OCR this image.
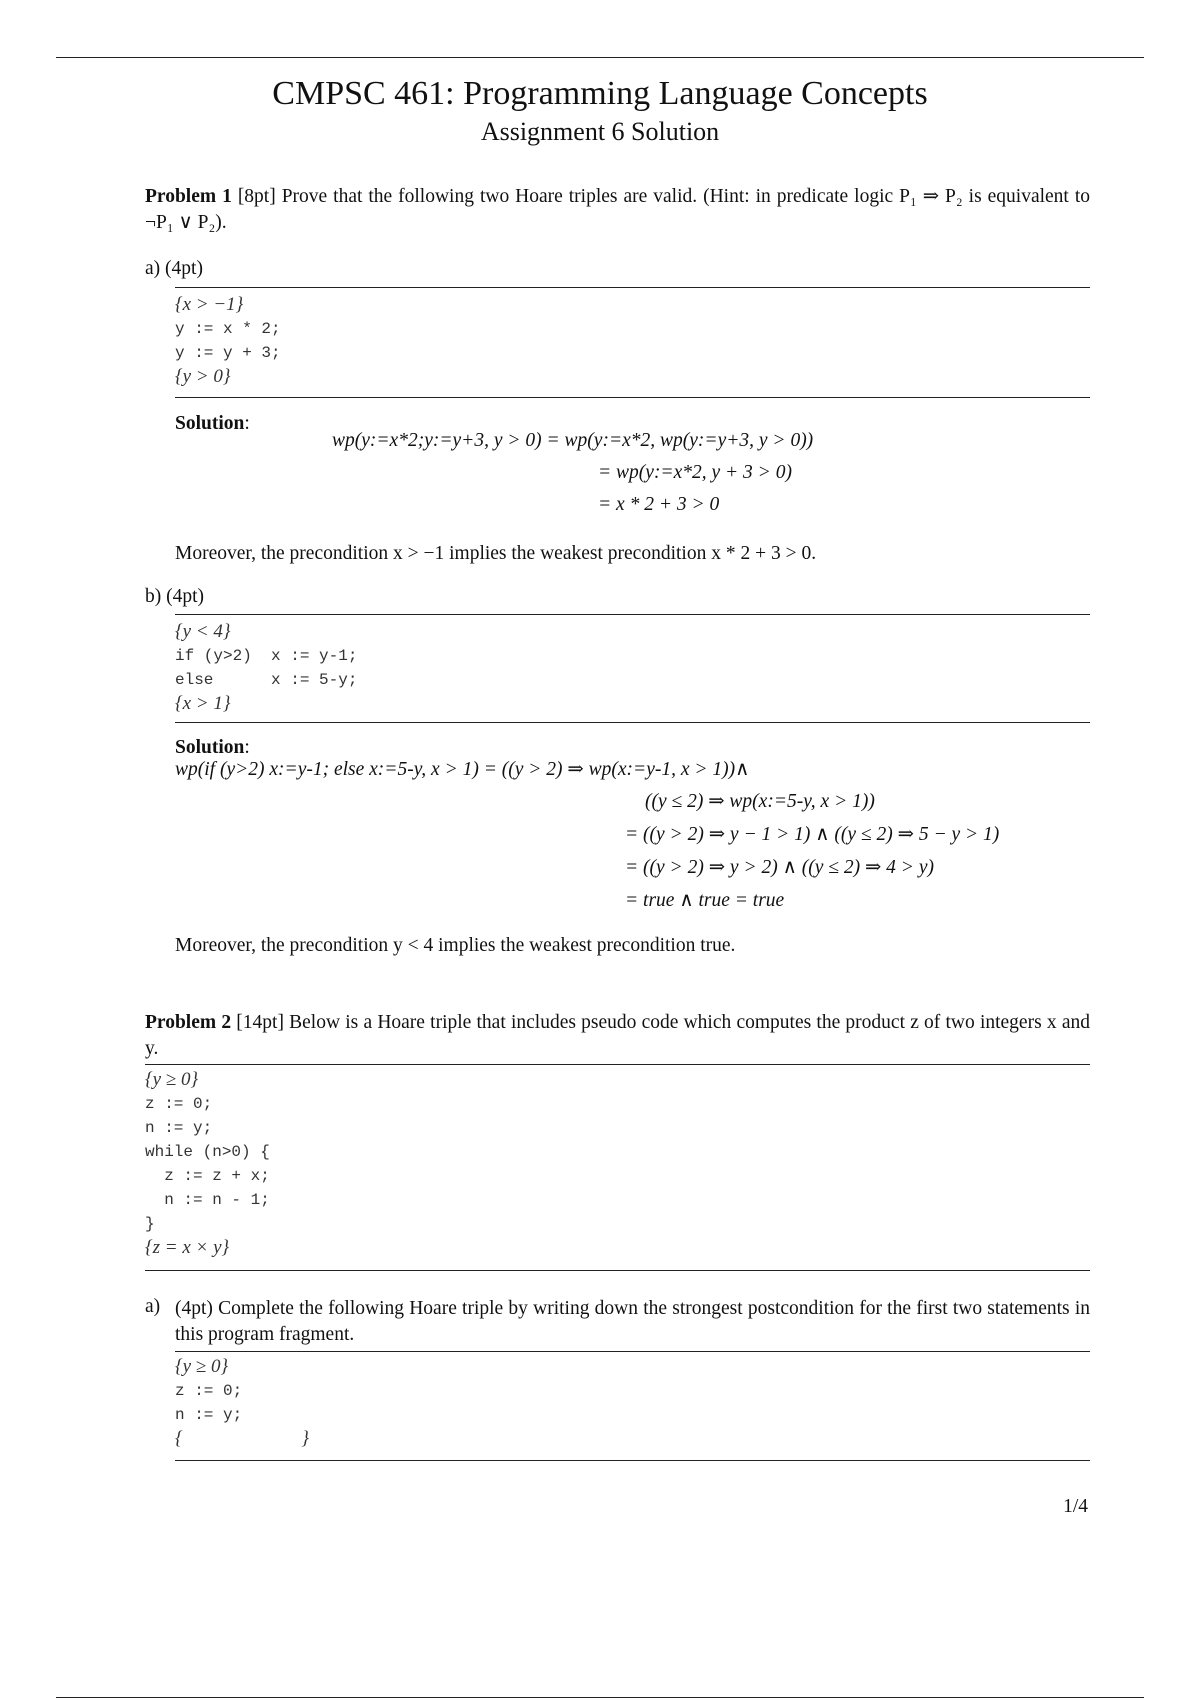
CMPSC 461: Programming Language Concepts
Assignment 6 Solution
Problem 1 [8pt] Prove that the following two Hoare triples are valid. (Hint: in predicate logic P₁ ⇒ P₂ is equivalent to ¬P₁ ∨ P₂).
a) (4pt)
{x > −1}
y := x * 2;
y := y + 3;
{y > 0}
Solution:
wp(y:=x*2;y:=y+3, y > 0) = wp(y:=x*2, wp(y:=y+3, y > 0))
= wp(y:=x*2, y + 3 > 0)
= x * 2 + 3 > 0
Moreover, the precondition x > −1 implies the weakest precondition x * 2 + 3 > 0.
b) (4pt)
{y < 4}
if (y>2)  x := y-1;
else      x := 5-y;
{x > 1}
Solution:
wp(if (y>2) x:=y-1; else x:=5-y, x > 1) = ((y > 2) ⇒ wp(x:=y-1, x > 1))∧
((y ≤ 2) ⇒ wp(x:=5-y, x > 1))
= ((y > 2) ⇒ y − 1 > 1) ∧ ((y ≤ 2) ⇒ 5 − y > 1)
= ((y > 2) ⇒ y > 2) ∧ ((y ≤ 2) ⇒ 4 > y)
= true ∧ true = true
Moreover, the precondition y < 4 implies the weakest precondition true.
Problem 2 [14pt] Below is a Hoare triple that includes pseudo code which computes the product z of two integers x and y.
{y ≥ 0}
z := 0;
n := y;
while (n>0) {
z := z + x;
n := n - 1;
}
{z = x × y}
a) (4pt) Complete the following Hoare triple by writing down the strongest postcondition for the first two statements in this program fragment.
{y ≥ 0}
z := 0;
n := y;
{                         }
1/4
